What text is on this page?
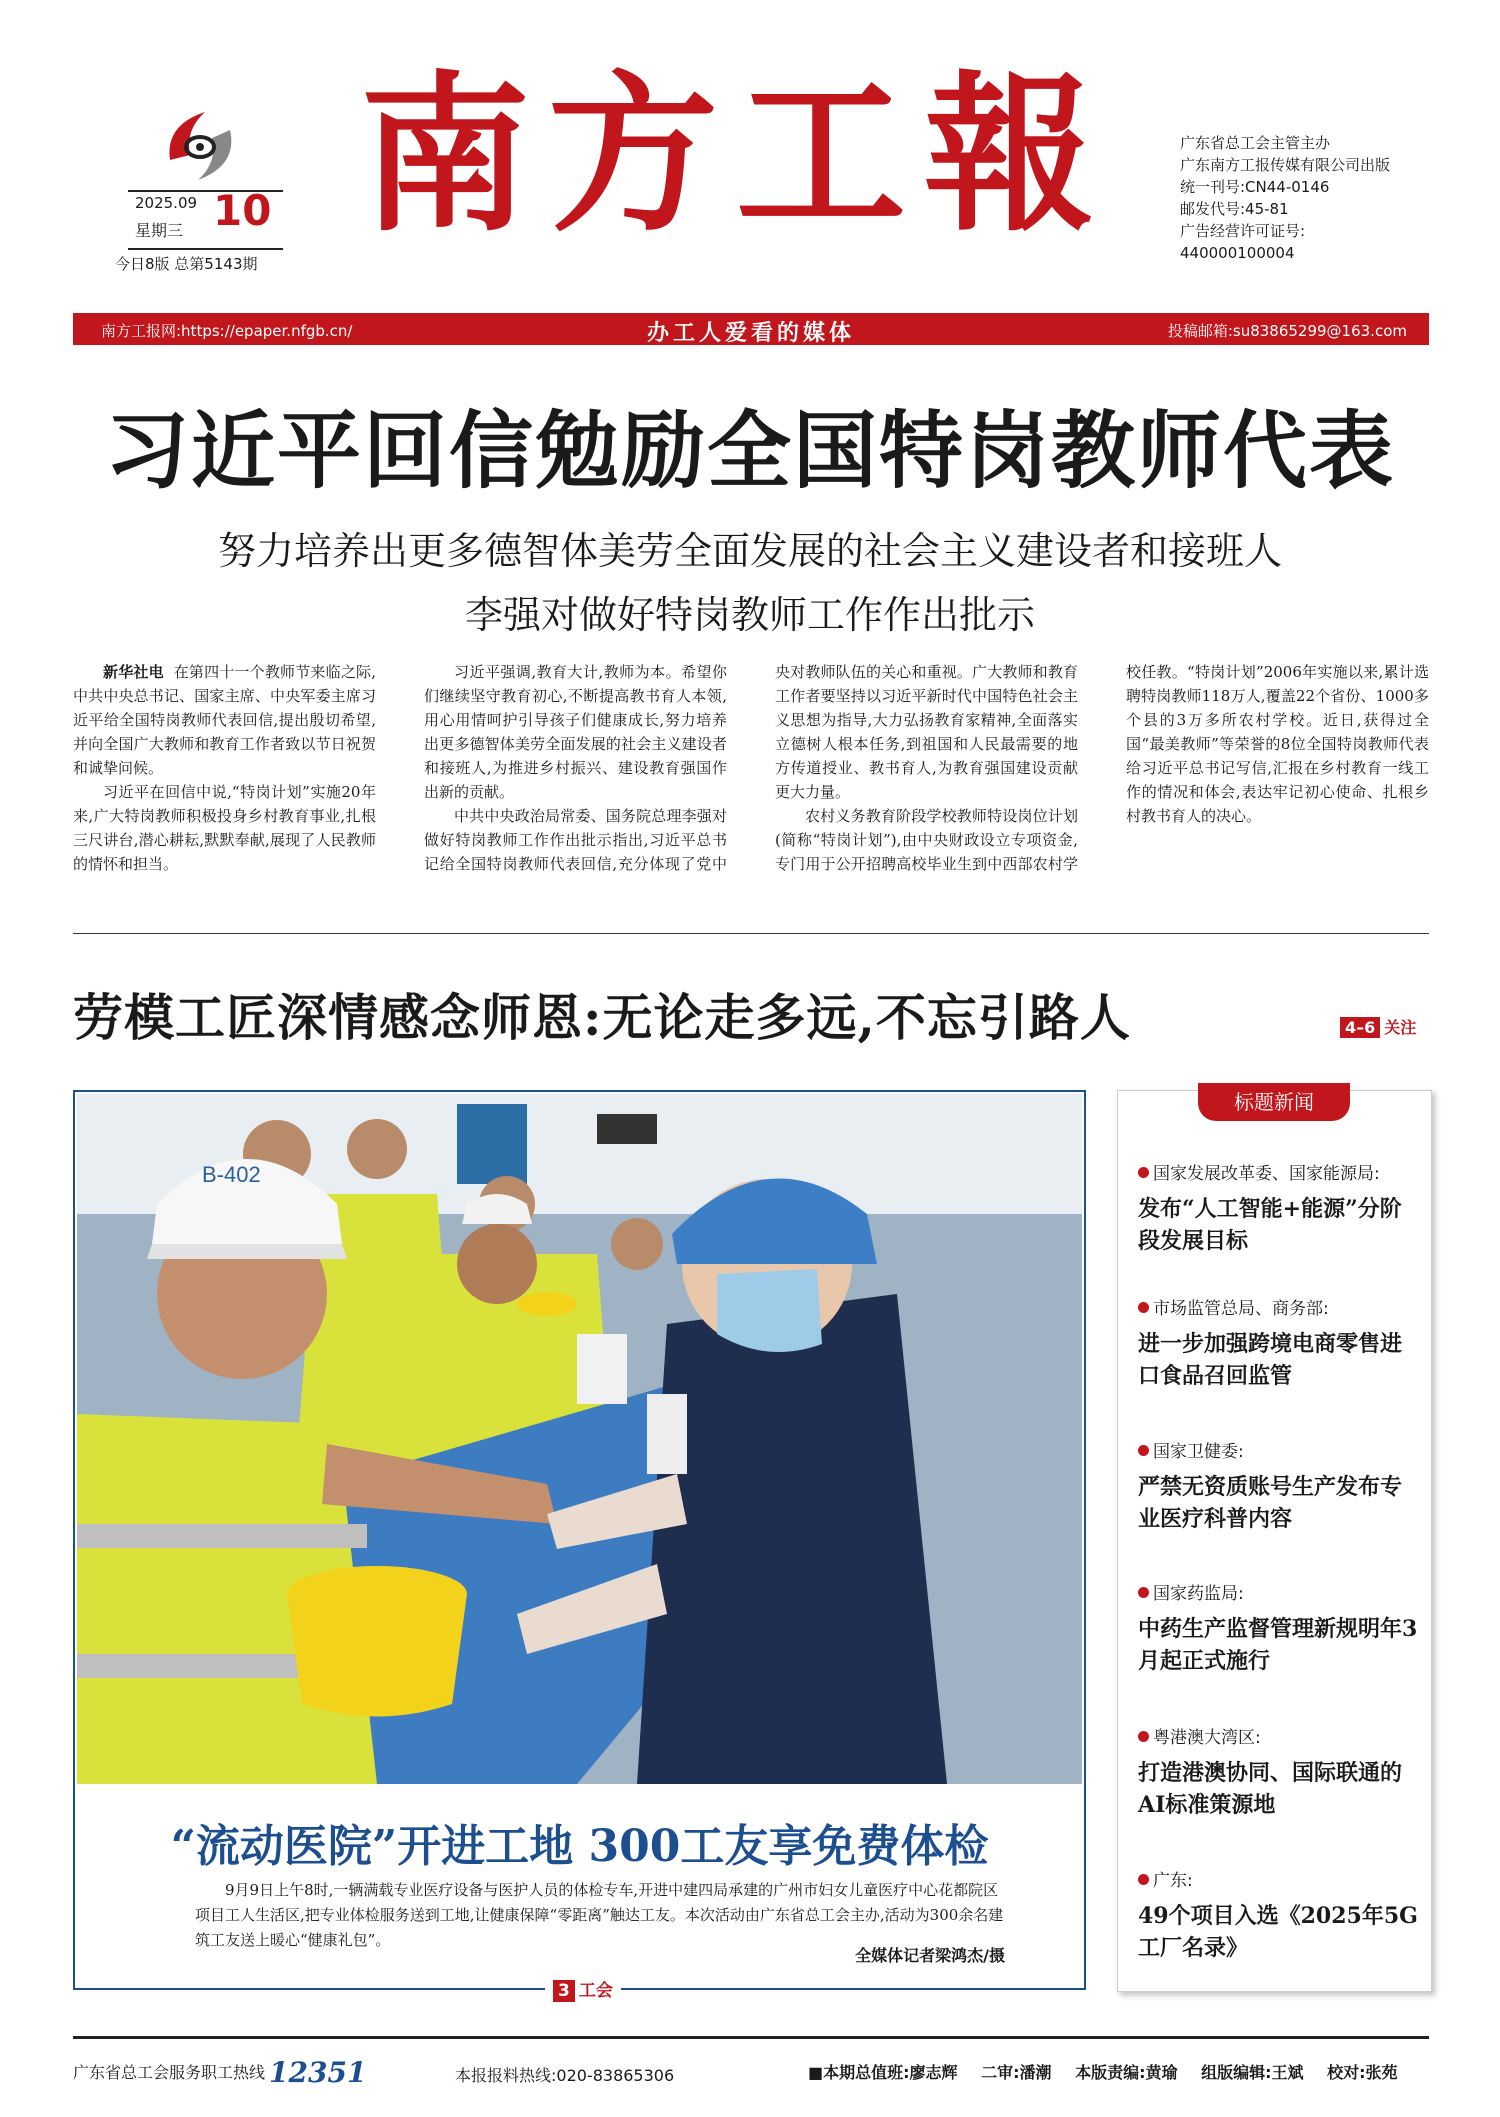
2025.09
星期三 10
今日8版 总第5143期
南方工報	广东省总工会主管主办
广东南方工报传媒有限公司出版
统一刊号:CN44-0146
邮发代号:45-81
广告经营许可证号:
440000100004
南方工报网:https://epaper.nfgb.cn/	办工人爱看的媒体	投稿邮箱:su83865299@163.com
习近平回信勉励全国特岗教师代表
努力培养出更多德智体美劳全面发展的社会主义建设者和接班人
李强对做好特岗教师工作作出批示

新华社电 在第四十一个教师节来临之际,中共中央总书记、国家主席、中央军委主席习近平给全国特岗教师代表回信,提出殷切希望,并向全国广大教师和教育工作者致以节日祝贺和诚挚问候。

习近平在回信中说,“特岗计划”实施20年来,广大特岗教师积极投身乡村教育事业,扎根三尺讲台,潜心耕耘,默默奉献,展现了人民教师的情怀和担当。

习近平强调,教育大计,教师为本。希望你们继续坚守教育初心,不断提高教书育人本领,用心用情呵护引导孩子们健康成长,努力培养出更多德智体美劳全面发展的社会主义建设者和接班人,为推进乡村振兴、建设教育强国作出新的贡献。

中共中央政治局常委、国务院总理李强对做好特岗教师工作作出批示指出,习近平总书记给全国特岗教师代表回信,充分体现了党中央对教师队伍的关心和重视。广大教师和教育工作者要坚持以习近平新时代中国特色社会主义思想为指导,大力弘扬教育家精神,全面落实立德树人根本任务,到祖国和人民最需要的地方传道授业、教书育人,为教育强国建设贡献更大力量。

农村义务教育阶段学校教师特设岗位计划(简称“特岗计划”),由中央财政设立专项资金,专门用于公开招聘高校毕业生到中西部农村学校任教。“特岗计划”2006年实施以来,累计选聘特岗教师118万人,覆盖22个省份、1000多个县的3万多所农村学校。近日,获得过全国“最美教师”等荣誉的8位全国特岗教师代表给习近平总书记写信,汇报在乡村教育一线工作的情况和体会,表达牢记初心使命、扎根乡村教书育人的决心。

劳模工匠深情感念师恩:无论走多远,不忘引路人	4–6 关注
B-402
“流动医院”开进工地 300工友享免费体检
9月9日上午8时,一辆满载专业医疗设备与医护人员的体检专车,开进中建四局承建的广州市妇女儿童医疗中心花都院区项目工人生活区,把专业体检服务送到工地,让健康保障“零距离”触达工友。本次活动由广东省总工会主办,活动为300余名建筑工友送上暖心“健康礼包”。
全媒体记者梁鸿杰/摄
3 工会
国家发展改革委、国家能源局:
发布“人工智能+能源”分阶段发展目标
市场监管总局、商务部:
进一步加强跨境电商零售进口食品召回监管
国家卫健委:
严禁无资质账号生产发布专业医疗科普内容
国家药监局:
中药生产监督管理新规明年3月起正式施行
粤港澳大湾区:
打造港澳协同、国际联通的AI标准策源地
广东:
49个项目入选《2025年5G工厂名录》
标题新闻
广东省总工会服务职工热线 12351	本报报料热线:020-83865306	■本期总值班:廖志辉 二审:潘潮 本版责编:黄瑜 组版编辑:王斌 校对:张苑
